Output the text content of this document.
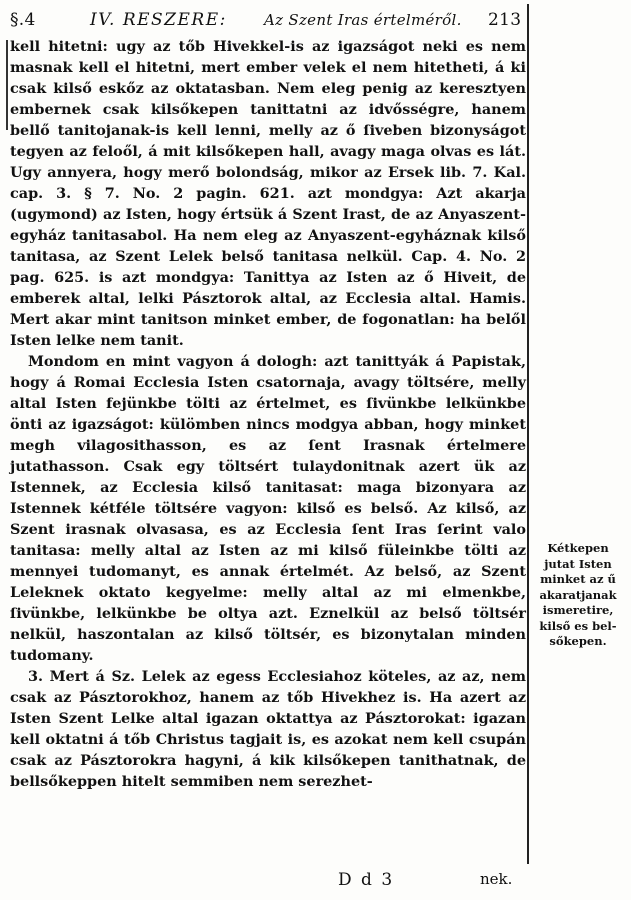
§.4	IV. RESZERE: Az Szent Iras értelméről. 213

kell hitetni: ugy az tőb Hivekkel-is az igazságot neki es nem masnak kell el hitetni, mert ember velek el nem hitetheti, á ki csak kilső eskőz az oktatasban. Nem eleg penig az keresztyen embernek csak kilsőkepen tanittatni az idvősségre, hanem bellő tanitojanak-is kell lenni, melly az ő ſiveben bizonyságot tegyen az feloől, á mit kilsőkepen hall, avagy maga olvas es lát. Ugy annyera, hogy merő bolondság, mikor az Ersek lib. 7. Kal. cap. 3. § 7. No. 2 pagin. 621. azt mondgya: Azt akarja (ugymond) az Isten, hogy értsük á Szent Irast, de az Anyaszent-egyház tanitasabol. Ha nem eleg az Anyaszent-egyháznak kilső tanitasa, az Szent Lelek belső tanitasa nelkül. Cap. 4. No. 2 pag. 625. is azt mondgya: Tanittya az Isten az ő Hiveit, de emberek altal, lelki Pásztorok altal, az Ecclesia altal. Hamis. Mert akar mint tanitson minket ember, de fogonatlan: ha belől Isten lelke nem tanit.

Mondom en mint vagyon á dologh: azt tanittyák á Papistak, hogy á Romai Ecclesia Isten csatornaja, avagy töltsére, melly altal Isten fejünkbe tölti az értelmet, es ſivünkbe lelkünkbe önti az igazságot: külömben nincs modgya abban, hogy minket megh vilagosithasson, es az ſent Irasnak értelmere jutathasson. Csak egy töltsért tulaydonitnak azert ük az Istennek, az Ecclesia kilső tanitasat: maga bizonyara az Istennek kétféle töltsére vagyon: kilső es belső. Az kilső, az Szent irasnak olvasasa, es az Ecclesia ſent Iras ſerint valo tanitasa: melly altal az Isten az mi kilső füleinkbe tölti az mennyei tudomanyt, es annak értelmét. Az belső, az Szent Leleknek oktato kegyelme: melly altal az mi elmenkbe, ſivünkbe, lelkünkbe be oltya azt. Eznelkül az belső töltsér nelkül, haszontalan az kilső töltsér, es bizonytalan minden tudomany.

3. Mert á Sz. Lelek az egess Ecclesiahoz köteles, az az, nem csak az Pásztorokhoz, hanem az tőb Hivekhez is. Ha azert az Isten Szent Lelke altal igazan oktattya az Pásztorokat: igazan kell oktatni á tőb Christus tagjait is, es azokat nem kell csupán csak az Pásztorokra hagyni, á kik kilsőkepen tanithatnak, de bellsőkeppen hitelt semmiben nem serezhet-

Kétkepen
jutat Isten
minket az ű
akaratjanak
ismeretire,
kilső es bel-
sőkepen.
D d 3	nek.
